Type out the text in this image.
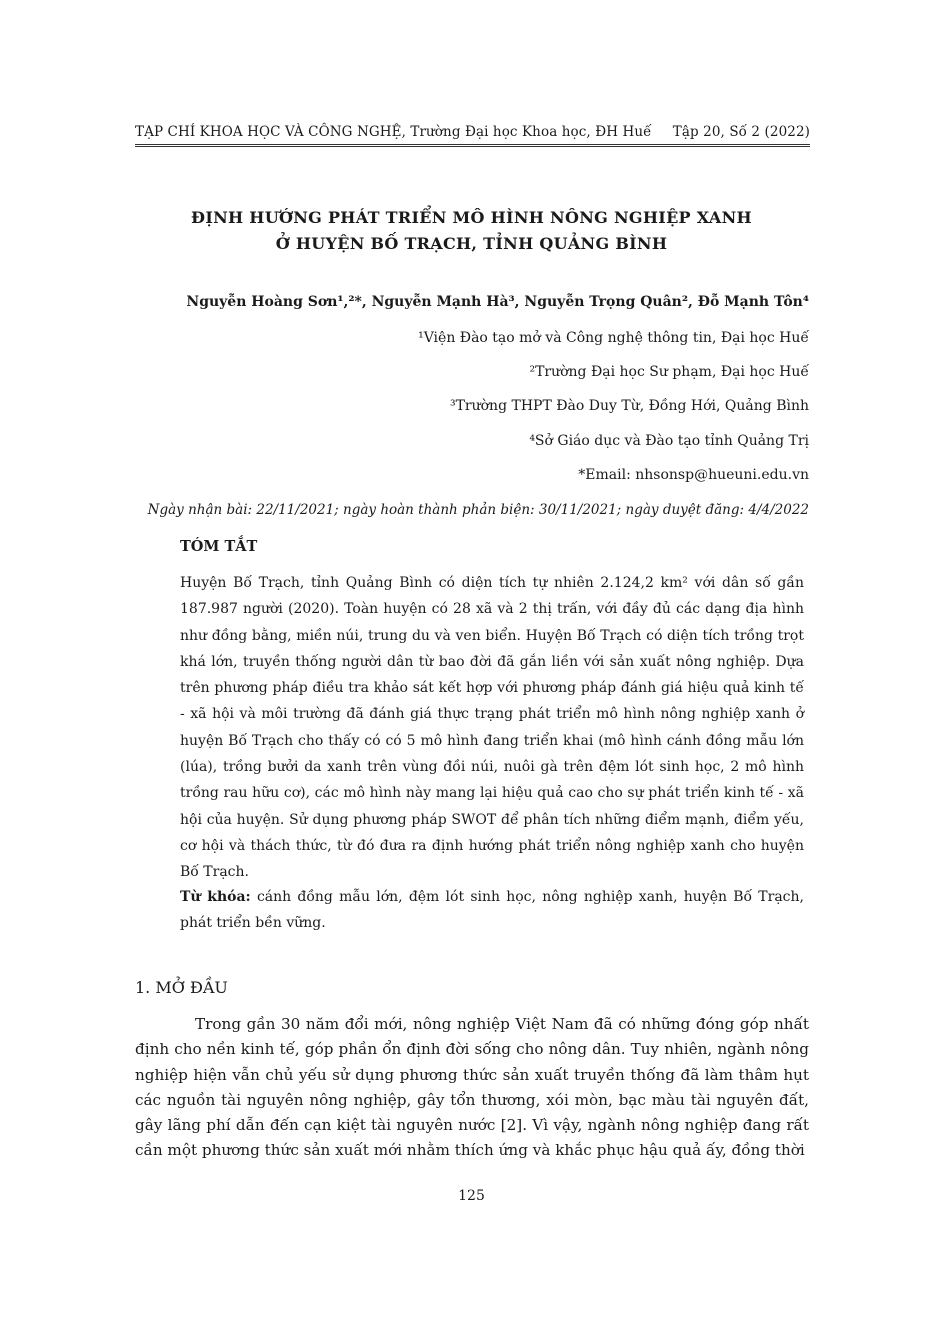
TẠP CHÍ KHOA HỌC VÀ CÔNG NGHỆ, Trường Đại học Khoa học, ĐH Huế Tập 20, Số 2 (2022)
ĐỊNH HƯỚNG PHÁT TRIỂN MÔ HÌNH NÔNG NGHIỆP XANH
Ở HUYỆN BỐ TRẠCH, TỈNH QUẢNG BÌNH
Nguyễn Hoàng Sơn¹,²*, Nguyễn Mạnh Hà³, Nguyễn Trọng Quân², Đỗ Mạnh Tôn⁴
¹Viện Đào tạo mở và Công nghệ thông tin, Đại học Huế
²Trường Đại học Sư phạm, Đại học Huế
³Trường THPT Đào Duy Từ, Đồng Hới, Quảng Bình
⁴Sở Giáo dục và Đào tạo tỉnh Quảng Trị
*Email: nhsonsp@hueuni.edu.vn
Ngày nhận bài: 22/11/2021; ngày hoàn thành phản biện: 30/11/2021; ngày duyệt đăng: 4/4/2022
TÓM TẮT
Huyện Bố Trạch, tỉnh Quảng Bình có diện tích tự nhiên 2.124,2 km² với dân số gần 187.987 người (2020). Toàn huyện có 28 xã và 2 thị trấn, với đầy đủ các dạng địa hình như đồng bằng, miền núi, trung du và ven biển. Huyện Bố Trạch có diện tích trồng trọt khá lớn, truyền thống người dân từ bao đời đã gắn liền với sản xuất nông nghiệp. Dựa trên phương pháp điều tra khảo sát kết hợp với phương pháp đánh giá hiệu quả kinh tế - xã hội và môi trường đã đánh giá thực trạng phát triển mô hình nông nghiệp xanh ở huyện Bố Trạch cho thấy có có 5 mô hình đang triển khai (mô hình cánh đồng mẫu lớn (lúa), trồng bưởi da xanh trên vùng đồi núi, nuôi gà trên đệm lót sinh học, 2 mô hình trồng rau hữu cơ), các mô hình này mang lại hiệu quả cao cho sự phát triển kinh tế - xã hội của huyện. Sử dụng phương pháp SWOT để phân tích những điểm mạnh, điểm yếu, cơ hội và thách thức, từ đó đưa ra định hướng phát triển nông nghiệp xanh cho huyện Bố Trạch.
Từ khóa: cánh đồng mẫu lớn, đệm lót sinh học, nông nghiệp xanh, huyện Bố Trạch, phát triển bền vững.
1. MỞ ĐẦU
Trong gần 30 năm đổi mới, nông nghiệp Việt Nam đã có những đóng góp nhất định cho nền kinh tế, góp phần ổn định đời sống cho nông dân. Tuy nhiên, ngành nông nghiệp hiện vẫn chủ yếu sử dụng phương thức sản xuất truyền thống đã làm thâm hụt các nguồn tài nguyên nông nghiệp, gây tổn thương, xói mòn, bạc màu tài nguyên đất, gây lãng phí dẫn đến cạn kiệt tài nguyên nước [2]. Vì vậy, ngành nông nghiệp đang rất cần một phương thức sản xuất mới nhằm thích ứng và khắc phục hậu quả ấy, đồng thời
125
